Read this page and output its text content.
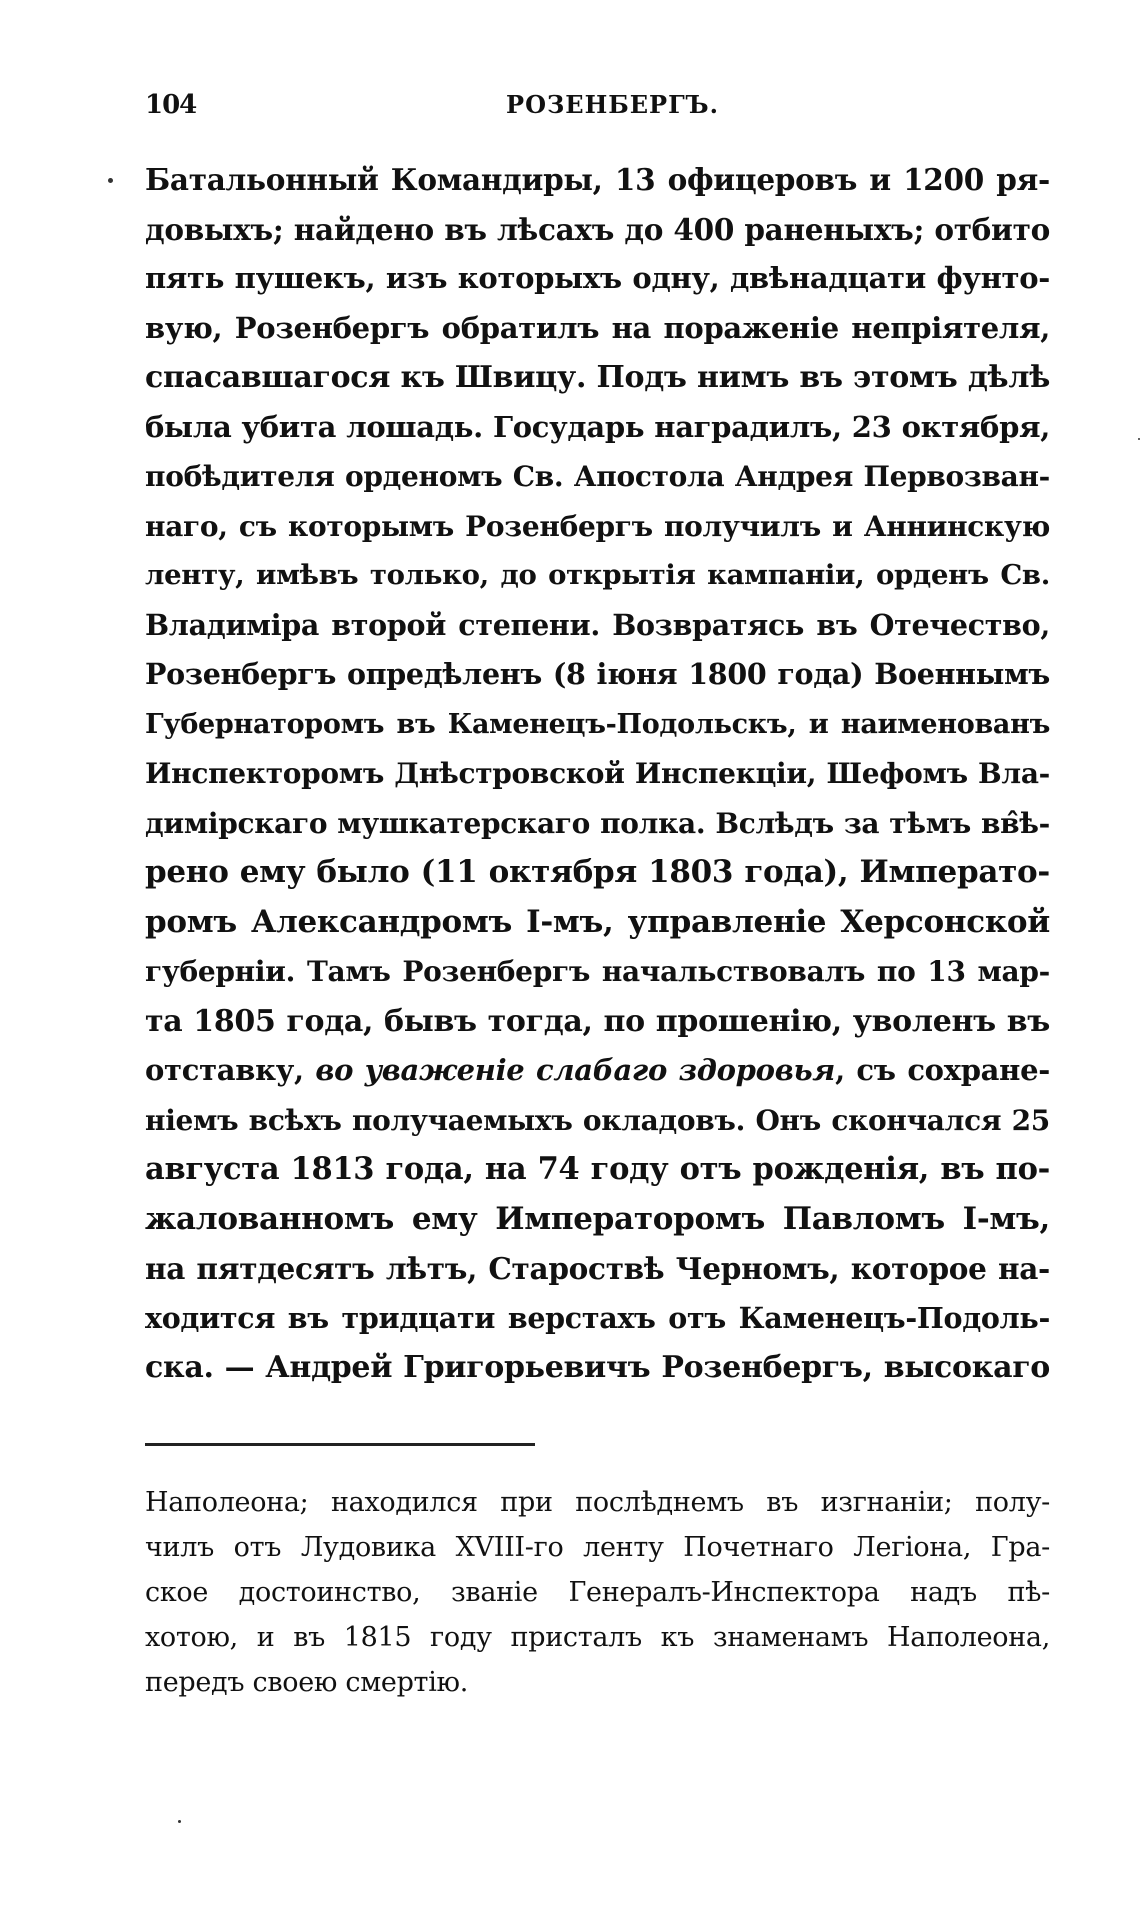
104	РОЗЕНБЕРГЪ.
Батальонный Командиры, 13 офицеровъ и 1200 ря-
довыхъ; найдено въ лѣсахъ до 400 раненыхъ; отбито
пять пушекъ, изъ которыхъ одну, двѣнадцати фунто-
вую, Розенбергъ обратилъ на пораженіе непріятеля,
спасавшагося къ Швицу. Подъ нимъ въ этомъ дѣлѣ
была убита лошадь. Государь наградилъ, 23 октября,
побѣдителя орденомъ Св. Апостола Андрея Первозван-
наго, съ которымъ Розенбергъ получилъ и Аннинскую
ленту, имѣвъ только, до открытія кампаніи, орденъ Св.
Владиміра второй степени. Возвратясь въ Отечество,
Розенбергъ опредѣленъ (8 іюня 1800 года) Военнымъ
Губернаторомъ въ Каменецъ-Подольскъ, и наименованъ
Инспекторомъ Днѣстровской Инспекціи, Шефомъ Вла-
димірскаго мушкатерскаго полка. Вслѣдъ за тѣмъ вв̂ѣ-
рено ему было (11 октября 1803 года), Императо-
ромъ Александромъ І-мъ, управленіе Херсонской
губерніи. Тамъ Розенбергъ начальствовалъ по 13 мар-
та 1805 года, бывъ тогда, по прошенію, уволенъ въ
отставку, во уваженіе слабаго здоровья, съ сохране-
ніемъ всѣхъ получаемыхъ окладовъ. Онъ скончался 25
августа 1813 года, на 74 году отъ рожденія, въ по-
жалованномъ ему Императоромъ Павломъ І-мъ,
на пятдесятъ лѣтъ, Староствѣ Черномъ, которое на-
ходится въ тридцати верстахъ отъ Каменецъ-Подоль-
ска. — Андрей Григорьевичъ Розенбергъ, высокаго
Наполеона; находился при послѣднемъ въ изгнаніи; полу-
чилъ отъ Лудовика XVIII-го ленту Почетнаго Легіона, Гра-
ское достоинство, званіе Генералъ-Инспектора надъ пѣ-
хотою, и въ 1815 году присталъ къ знаменамъ Наполеона,
передъ своею смертію.
